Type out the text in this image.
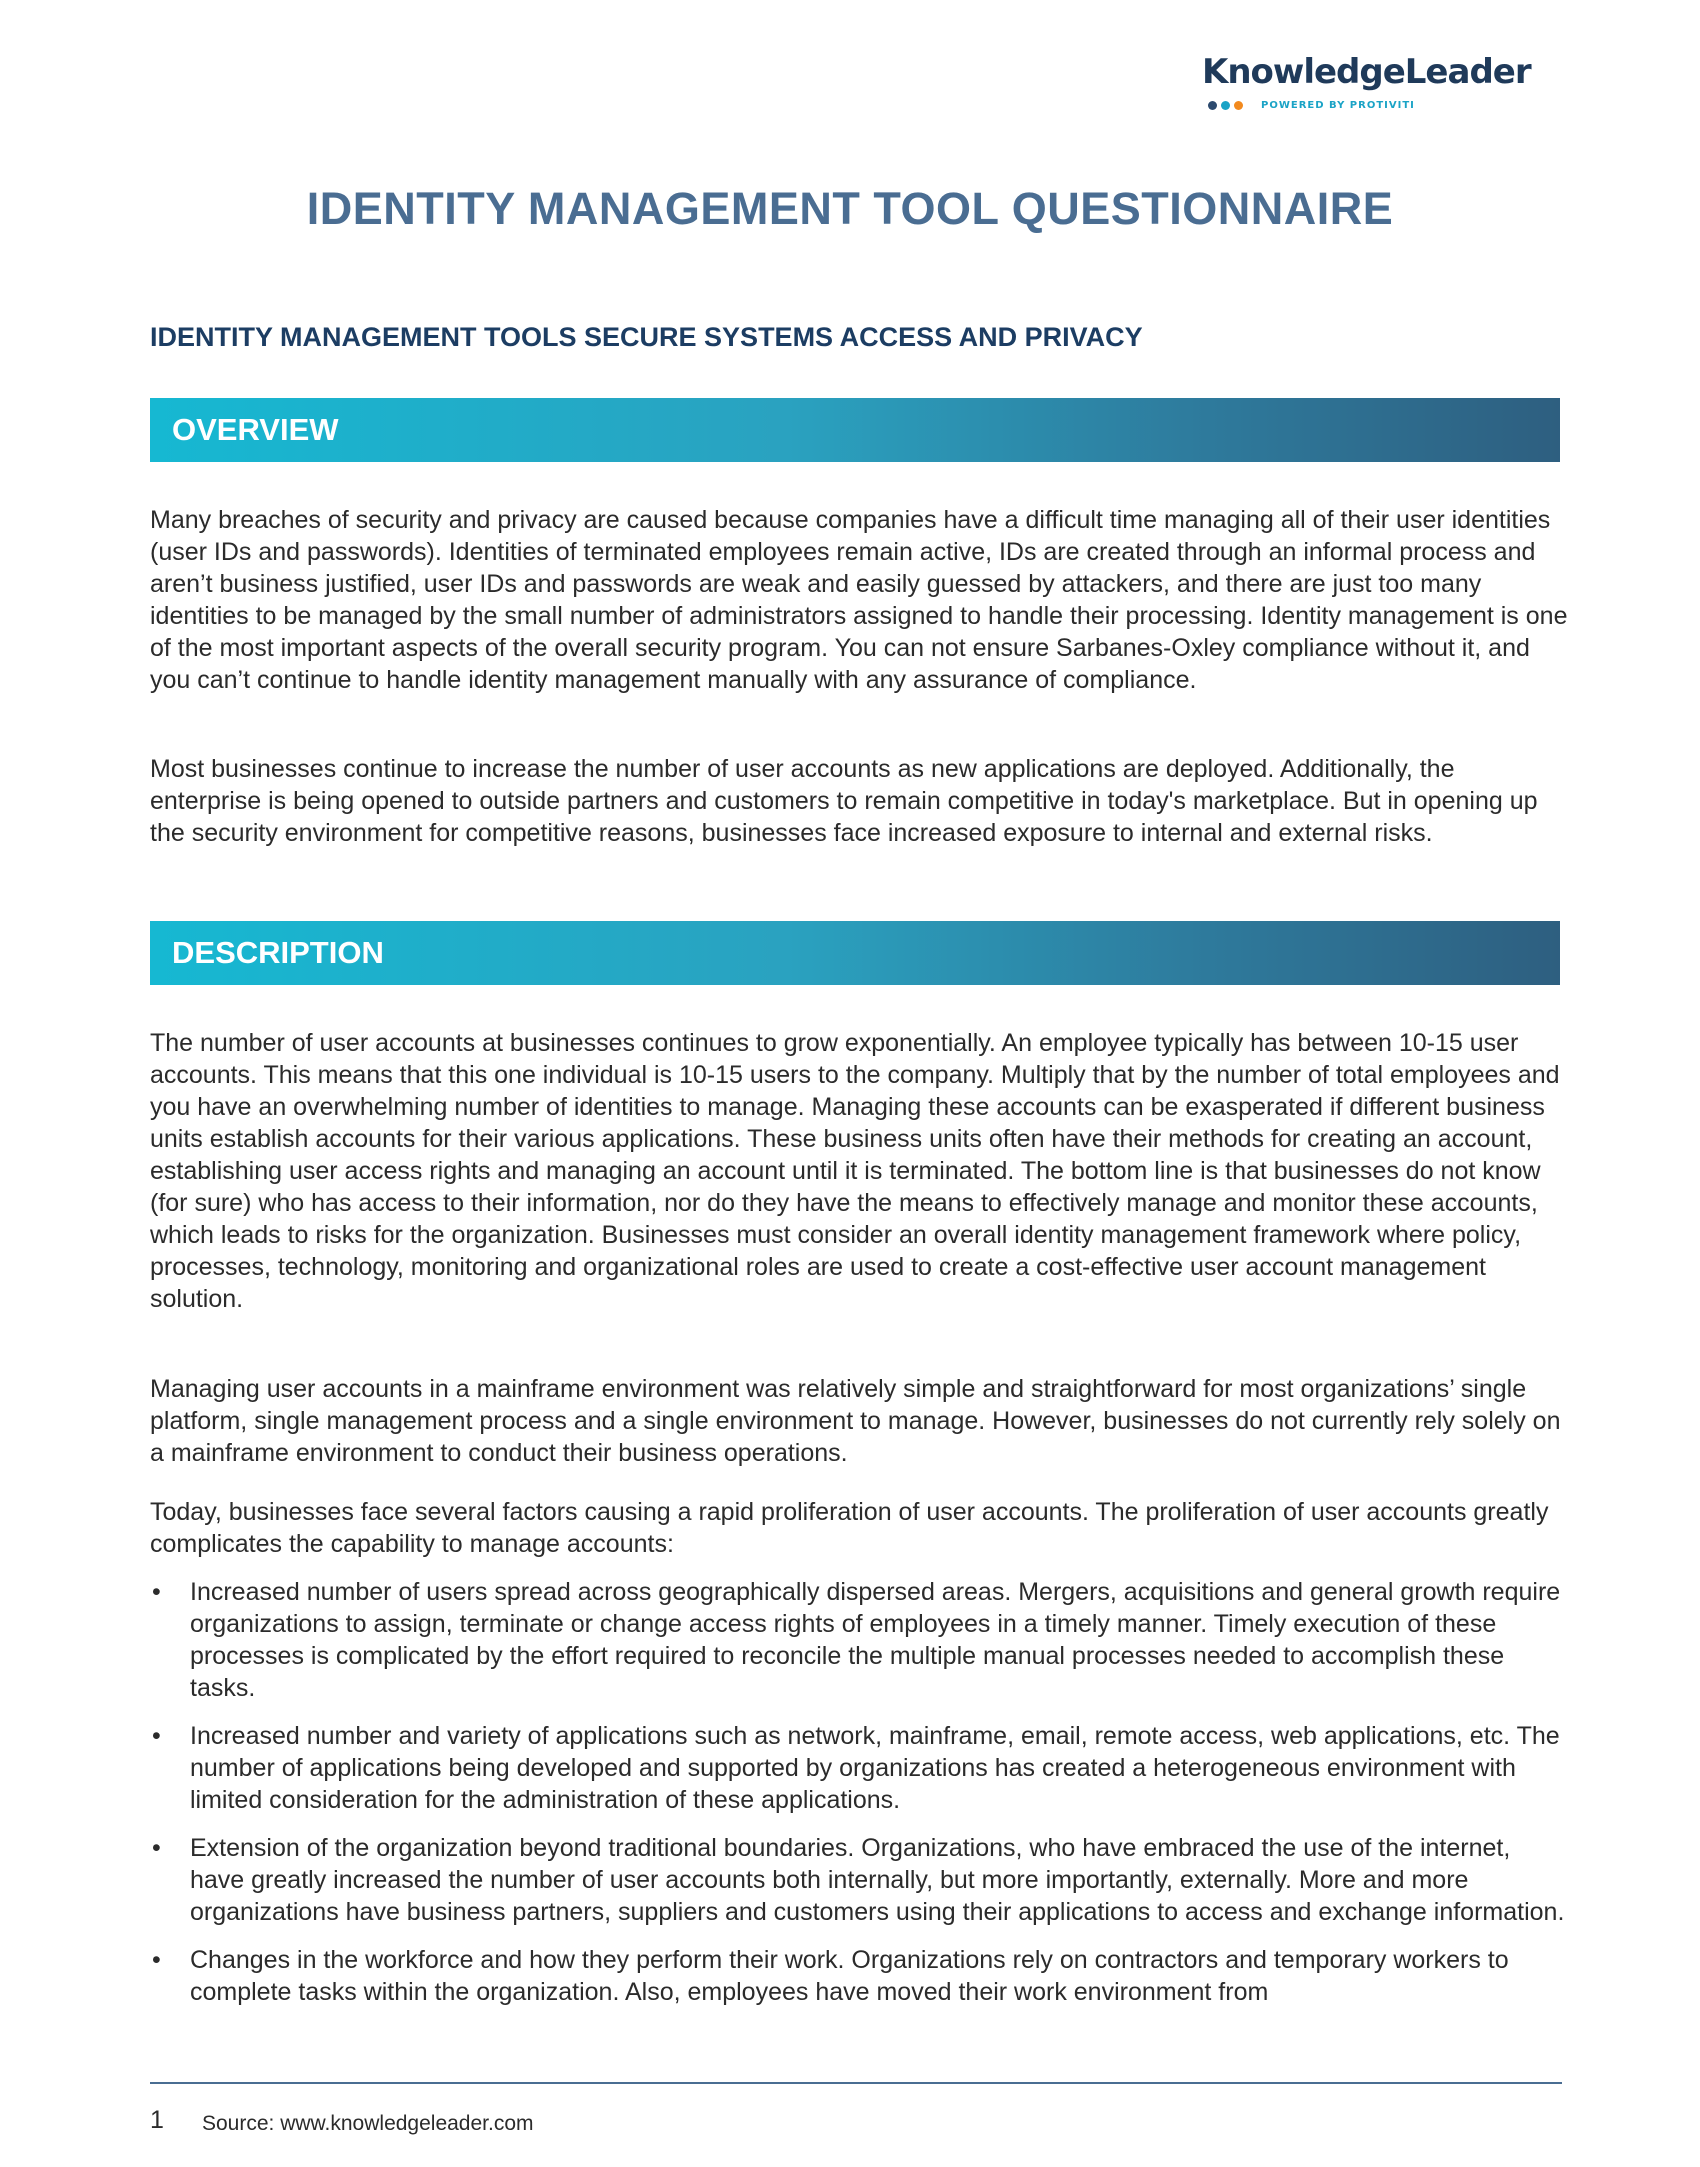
KnowledgeLeader
POWERED BY PROTIVITI
IDENTITY MANAGEMENT TOOL QUESTIONNAIRE
IDENTITY MANAGEMENT TOOLS SECURE SYSTEMS ACCESS AND PRIVACY
OVERVIEW

Many breaches of security and privacy are caused because companies have a difficult time managing all of their user identities (user IDs and passwords). Identities of terminated employees remain active, IDs are created through an informal process and aren’t business justified, user IDs and passwords are weak and easily guessed by attackers, and there are just too many identities to be managed by the small number of administrators assigned to handle their processing. Identity management is one of the most important aspects of the overall security program. You can not ensure Sarbanes-Oxley compliance without it, and you can’t continue to handle identity management manually with any assurance of compliance.

Most businesses continue to increase the number of user accounts as new applications are deployed. Additionally, the enterprise is being opened to outside partners and customers to remain competitive in today's marketplace. But in opening up the security environment for competitive reasons, businesses face increased exposure to internal and external risks.

DESCRIPTION

The number of user accounts at businesses continues to grow exponentially. An employee typically has between 10-15 user accounts. This means that this one individual is 10-15 users to the company. Multiply that by the number of total employees and you have an overwhelming number of identities to manage. Managing these accounts can be exasperated if different business units establish accounts for their various applications. These business units often have their methods for creating an account, establishing user access rights and managing an account until it is terminated. The bottom line is that businesses do not know (for sure) who has access to their information, nor do they have the means to effectively manage and monitor these accounts, which leads to risks for the organization. Businesses must consider an overall identity management framework where policy, processes, technology, monitoring and organizational roles are used to create a cost-effective user account management solution.

Managing user accounts in a mainframe environment was relatively simple and straightforward for most organizations’ single platform, single management process and a single environment to manage. However, businesses do not currently rely solely on a mainframe environment to conduct their business operations.

Today, businesses face several factors causing a rapid proliferation of user accounts. The proliferation of user accounts greatly complicates the capability to manage accounts:

• Increased number of users spread across geographically dispersed areas. Mergers, acquisitions and general growth require organizations to assign, terminate or change access rights of employees in a timely manner. Timely execution of these processes is complicated by the effort required to reconcile the multiple manual processes needed to accomplish these tasks.
• Increased number and variety of applications such as network, mainframe, email, remote access, web applications, etc. The number of applications being developed and supported by organizations has created a heterogeneous environment with limited consideration for the administration of these applications.
• Extension of the organization beyond traditional boundaries. Organizations, who have embraced the use of the internet, have greatly increased the number of user accounts both internally, but more importantly, externally. More and more organizations have business partners, suppliers and customers using their applications to access and exchange information.
• Changes in the workforce and how they perform their work. Organizations rely on contractors and temporary workers to complete tasks within the organization. Also, employees have moved their work environment from
1 Source: www.knowledgeleader.com
